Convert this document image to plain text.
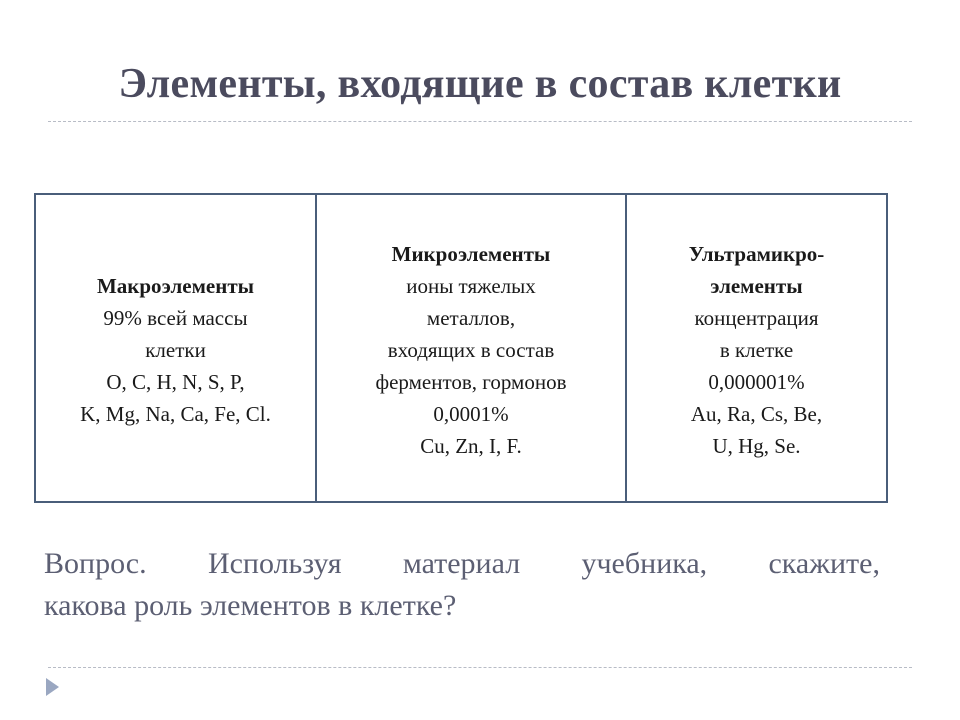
Элементы, входящие в состав клетки
Макроэлементы
99% всей массы
клетки
O, C, H, N, S, P,
K, Mg, Na, Ca, Fe, Cl.
Микроэлементы
ионы тяжелых
металлов,
входящих в состав
ферментов, гормонов
0,0001%
Cu, Zn, I, F.
Ультрамикро-
элементы
концентрация
в клетке
0,000001%
Au, Ra, Cs, Be,
U, Hg, Se.
Вопрос. Используя материал учебника, скажите,
какова роль элементов в клетке?
